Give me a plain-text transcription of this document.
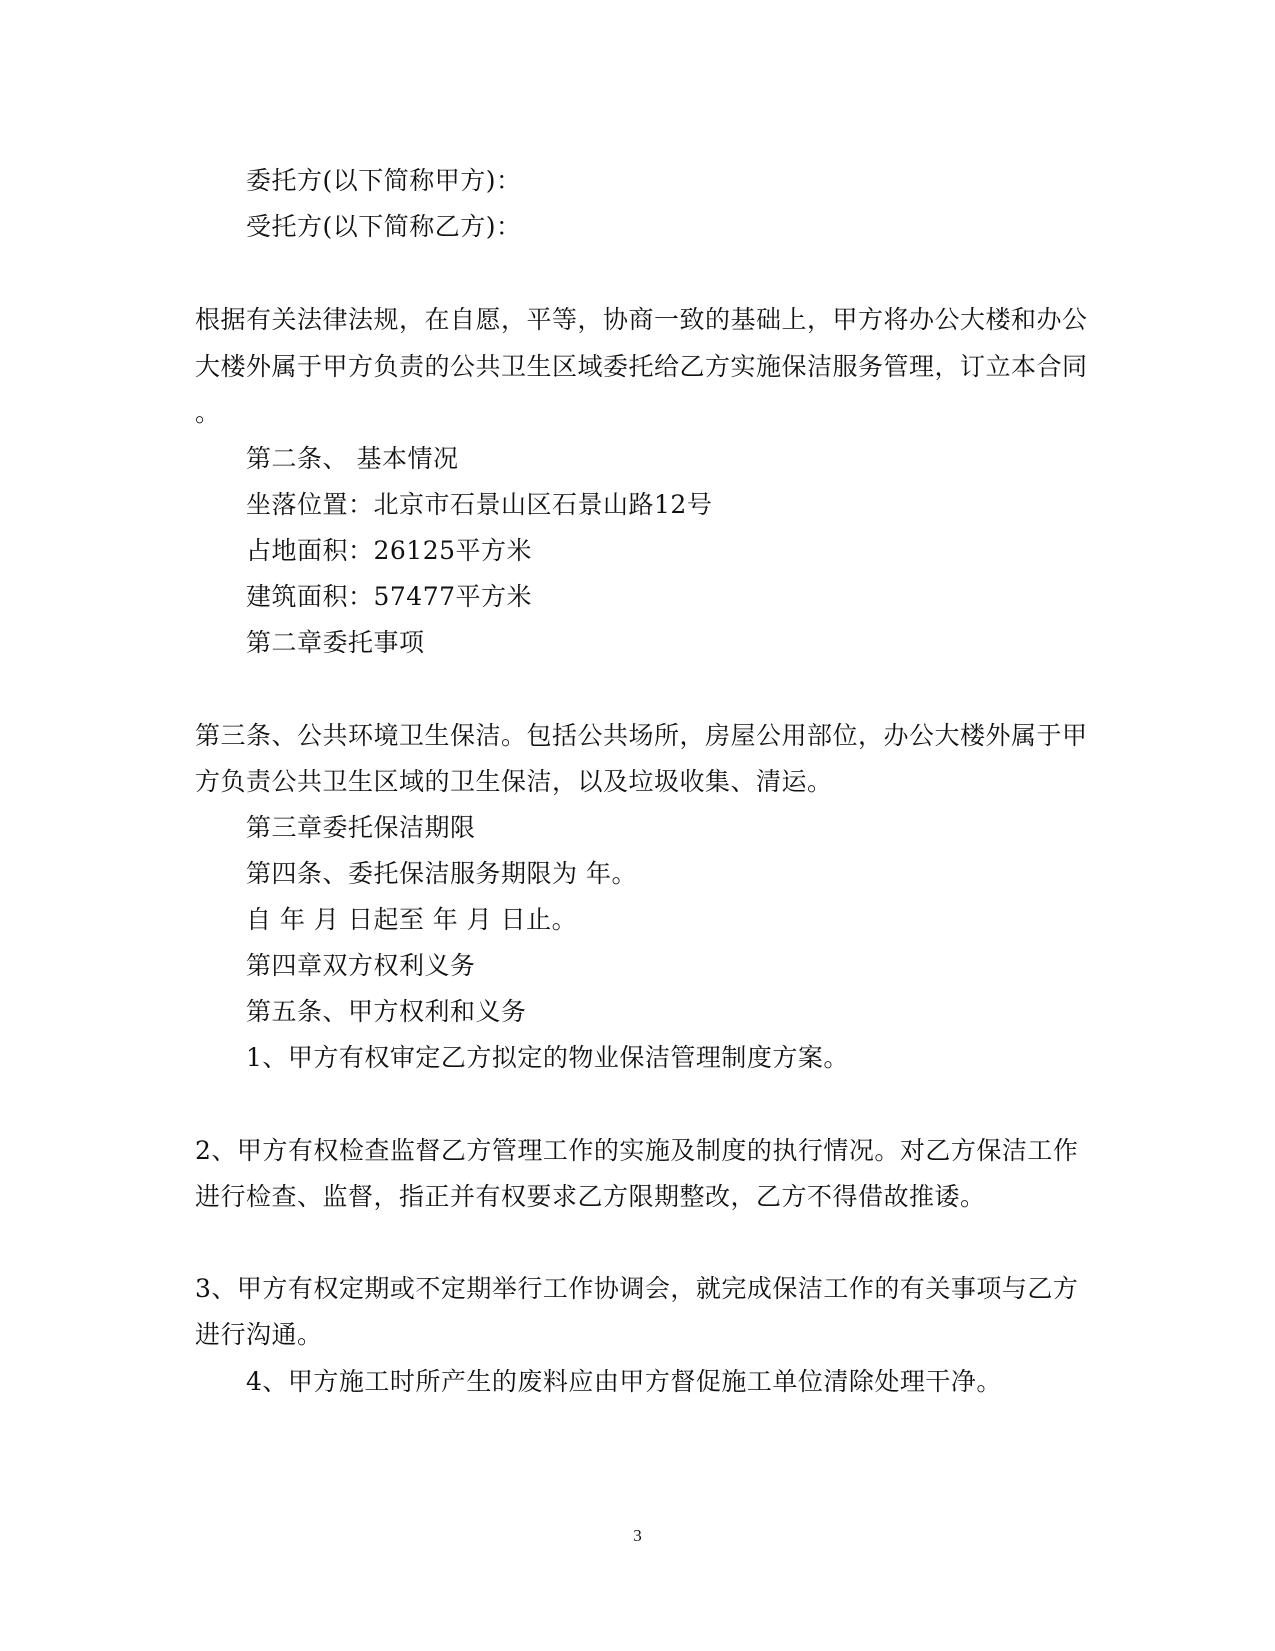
委托方(以下简称甲方)：
受托方(以下简称乙方)：
根据有关法律法规，在自愿，平等，协商一致的基础上，甲方将办公大楼和办公
大楼外属于甲方负责的公共卫生区域委托给乙方实施保洁服务管理，订立本合同
。
第二条、 基本情况
坐落位置：北京市石景山区石景山路12号
占地面积：26125平方米
建筑面积：57477平方米
第二章委托事项
第三条、公共环境卫生保洁。包括公共场所，房屋公用部位，办公大楼外属于甲
方负责公共卫生区域的卫生保洁，以及垃圾收集、清运。
第三章委托保洁期限
第四条、委托保洁服务期限为 年。
自 年 月 日起至 年 月 日止。
第四章双方权利义务
第五条、甲方权利和义务
1、甲方有权审定乙方拟定的物业保洁管理制度方案。
2、甲方有权检查监督乙方管理工作的实施及制度的执行情况。对乙方保洁工作
进行检查、监督，指正并有权要求乙方限期整改，乙方不得借故推诿。
3、甲方有权定期或不定期举行工作协调会，就完成保洁工作的有关事项与乙方
进行沟通。
4、甲方施工时所产生的废料应由甲方督促施工单位清除处理干净。
3
